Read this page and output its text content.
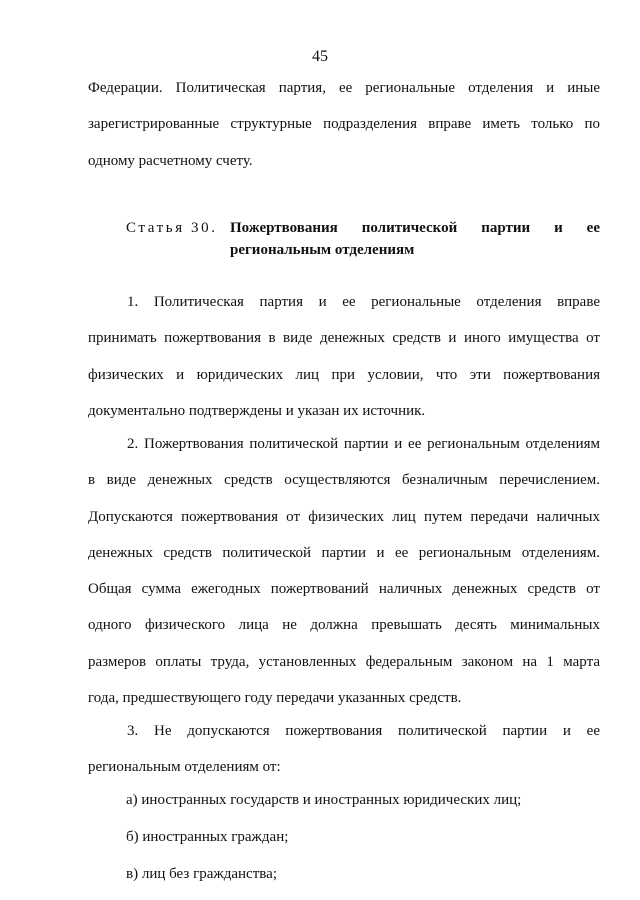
45
Федерации. Политическая партия, ее региональные отделения и иные
зарегистрированные структурные подразделения вправе иметь только по
одному расчетному счету.
Статья 30. Пожертвования политической партии и ее
региональным отделениям
1. Политическая партия и ее региональные отделения вправе
принимать пожертвования в виде денежных средств и иного имущества от
физических и юридических лиц при условии, что эти пожертвования
документально подтверждены и указан их источник.
2. Пожертвования политической партии и ее региональным отделениям
в виде денежных средств осуществляются безналичным перечислением.
Допускаются пожертвования от физических лиц путем передачи наличных
денежных средств политической партии и ее региональным отделениям.
Общая сумма ежегодных пожертвований наличных денежных средств от
одного физического лица не должна превышать десять минимальных
размеров оплаты труда, установленных федеральным законом на 1 марта
года, предшествующего году передачи указанных средств.
3. Не допускаются пожертвования политической партии и ее
региональным отделениям от:
а) иностранных государств и иностранных юридических лиц;
б) иностранных граждан;
в) лиц без гражданства;
